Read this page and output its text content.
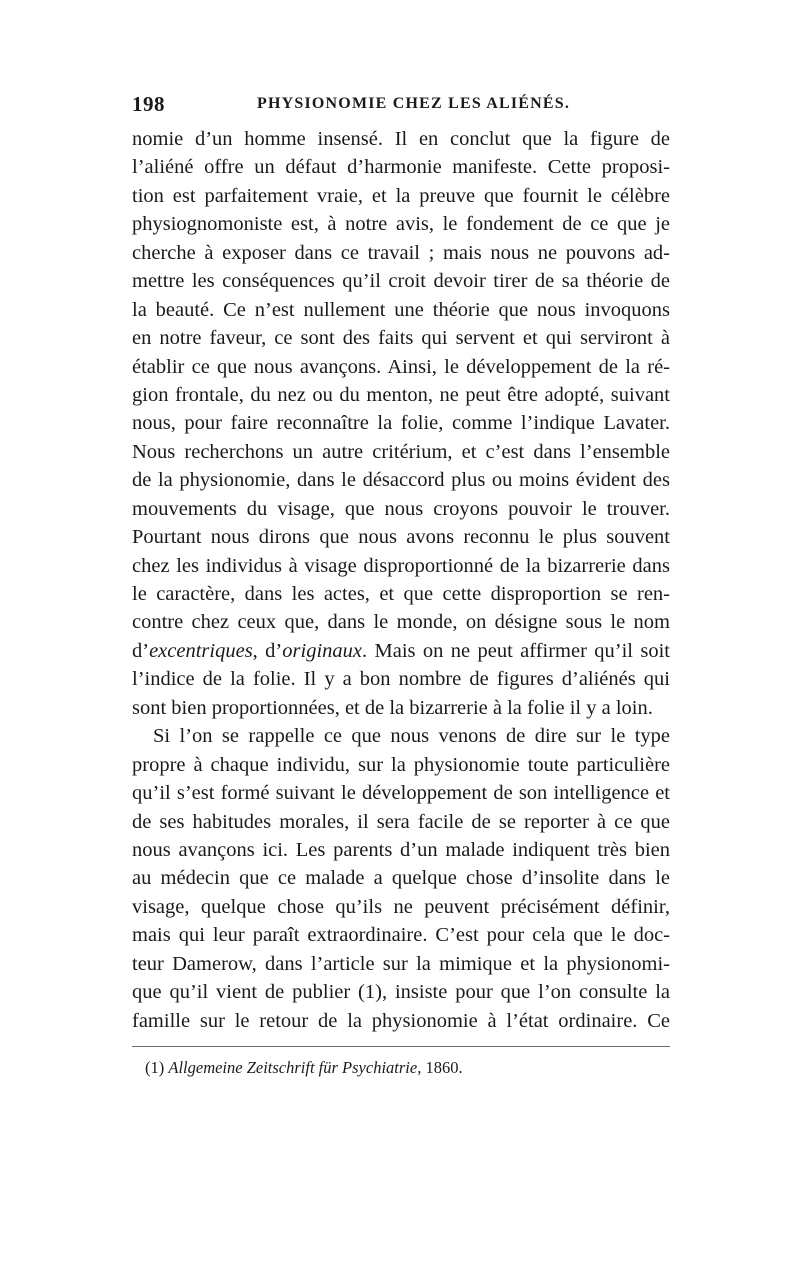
198	PHYSIONOMIE CHEZ LES ALIÉNÉS.
nomie d’un homme insensé. Il en conclut que la figure de
l’aliéné offre un défaut d’harmonie manifeste. Cette proposi-
tion est parfaitement vraie, et la preuve que fournit le célèbre
physiognomoniste est, à notre avis, le fondement de ce que je
cherche à exposer dans ce travail ; mais nous ne pouvons ad-
mettre les conséquences qu’il croit devoir tirer de sa théorie de
la beauté. Ce n’est nullement une théorie que nous invoquons
en notre faveur, ce sont des faits qui servent et qui serviront à
établir ce que nous avançons. Ainsi, le développement de la ré-
gion frontale, du nez ou du menton, ne peut être adopté, suivant
nous, pour faire reconnaître la folie, comme l’indique Lavater.
Nous recherchons un autre critérium, et c’est dans l’ensemble
de la physionomie, dans le désaccord plus ou moins évident des
mouvements du visage, que nous croyons pouvoir le trouver.
Pourtant nous dirons que nous avons reconnu le plus souvent
chez les individus à visage disproportionné de la bizarrerie dans
le caractère, dans les actes, et que cette disproportion se ren-
contre chez ceux que, dans le monde, on désigne sous le nom
d’excentriques, d’originaux. Mais on ne peut affirmer qu’il soit
l’indice de la folie. Il y a bon nombre de figures d’aliénés qui
sont bien proportionnées, et de la bizarrerie à la folie il y a loin.
Si l’on se rappelle ce que nous venons de dire sur le type
propre à chaque individu, sur la physionomie toute particulière
qu’il s’est formé suivant le développement de son intelligence et
de ses habitudes morales, il sera facile de se reporter à ce que
nous avançons ici. Les parents d’un malade indiquent très bien
au médecin que ce malade a quelque chose d’insolite dans le
visage, quelque chose qu’ils ne peuvent précisément définir,
mais qui leur paraît extraordinaire. C’est pour cela que le doc-
teur Damerow, dans l’article sur la mimique et la physionomi-
que qu’il vient de publier (1), insiste pour que l’on consulte la
famille sur le retour de la physionomie à l’état ordinaire. Ce
(1) Allgemeine Zeitschrift für Psychiatrie, 1860.
